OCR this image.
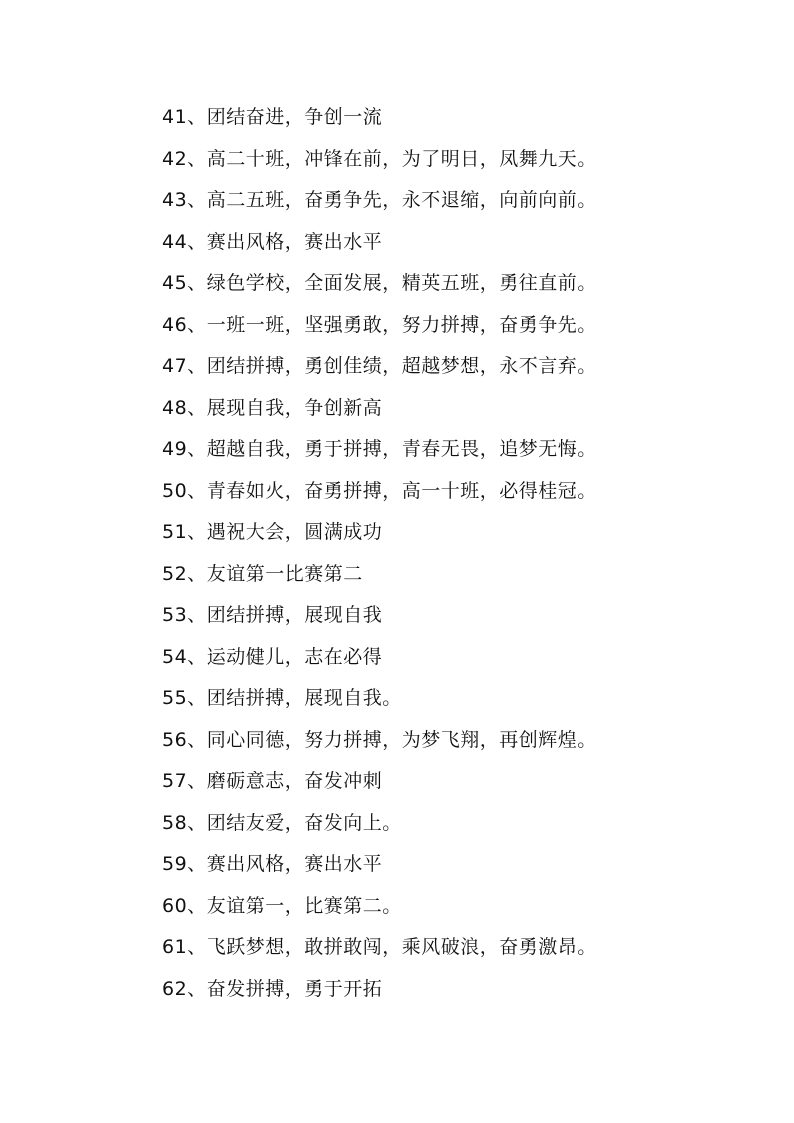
41、团结奋进，争创一流
42、高二十班，冲锋在前，为了明日，凤舞九天。
43、高二五班，奋勇争先，永不退缩，向前向前。
44、赛出风格，赛出水平
45、绿色学校，全面发展，精英五班，勇往直前。
46、一班一班，坚强勇敢，努力拼搏，奋勇争先。
47、团结拼搏，勇创佳绩，超越梦想，永不言弃。
48、展现自我，争创新高
49、超越自我，勇于拼搏，青春无畏，追梦无悔。
50、青春如火，奋勇拼搏，高一十班，必得桂冠。
51、遇祝大会，圆满成功
52、友谊第一比赛第二
53、团结拼搏，展现自我
54、运动健儿，志在必得
55、团结拼搏，展现自我。
56、同心同德，努力拼搏，为梦飞翔，再创辉煌。
57、磨砺意志，奋发冲刺
58、团结友爱，奋发向上。
59、赛出风格，赛出水平
60、友谊第一，比赛第二。
61、飞跃梦想，敢拼敢闯，乘风破浪，奋勇激昂。
62、奋发拼搏，勇于开拓
